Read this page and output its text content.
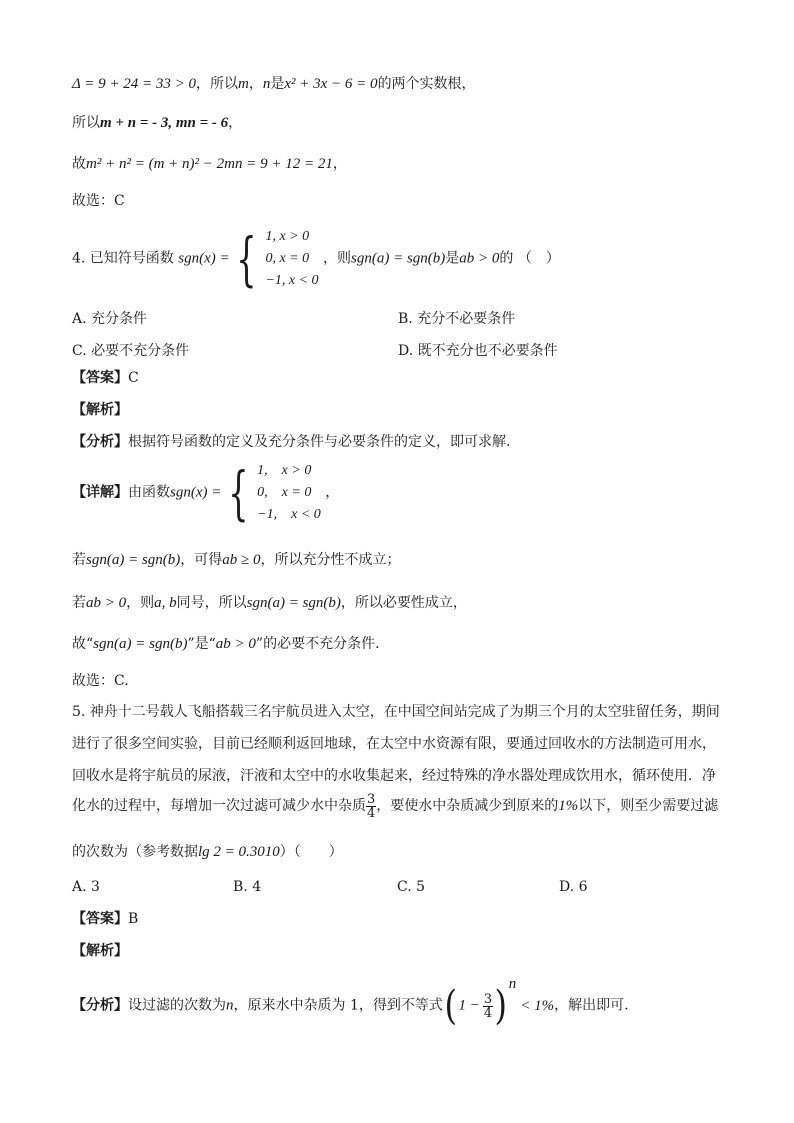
Δ = 9 + 24 = 33 > 0，所以m，n是x² + 3x − 6 = 0的两个实数根，
所以m + n = - 3, mn = - 6，
故m² + n² = (m + n)² − 2mn = 9 + 12 = 21，
故选：C
4. 已知符号函数 sgn(x) = { 1, x > 0
0, x = 0
−1, x < 0
，则sgn(a) = sgn(b)是ab > 0的 （　）
A. 充分条件	B. 充分不必要条件
C. 必要不充分条件	D. 既不充分也不必要条件
【答案】C
【解析】
【分析】根据符号函数的定义及充分条件与必要条件的定义，即可求解.
【详解】由函数sgn(x) = { 1,　x > 0
0,　x = 0
−1,　x < 0
，
若sgn(a) = sgn(b)，可得ab ≥ 0，所以充分性不成立；
若ab > 0，则a, b同号，所以sgn(a) = sgn(b)，所以必要性成立，
故“sgn(a) = sgn(b)”是“ab > 0”的必要不充分条件.
故选：C.
5. 神舟十二号载人飞船搭载三名宇航员进入太空，在中国空间站完成了为期三个月的太空驻留任务，期间
进行了很多空间实验，目前已经顺利返回地球，在太空中水资源有限，要通过回收水的方法制造可用水，
回收水是将宇航员的尿液，汗液和太空中的水收集起来，经过特殊的净水器处理成饮用水，循环使用．净
化水的过程中，每增加一次过滤可减少水中杂质 $\frac{3}{4}$ ，要使水中杂质减少到原来的1%以下，则至少需要过滤
的次数为（参考数据lg 2 = 0.3010）（　　）
A. 3	B. 4	C. 5	D. 6
【答案】B
【解析】
【分析】设过滤的次数为n，原来水中杂质为 1，得到不等式( $1 - \frac{3}{4}$ ) $^n$< 1%，解出即可.
